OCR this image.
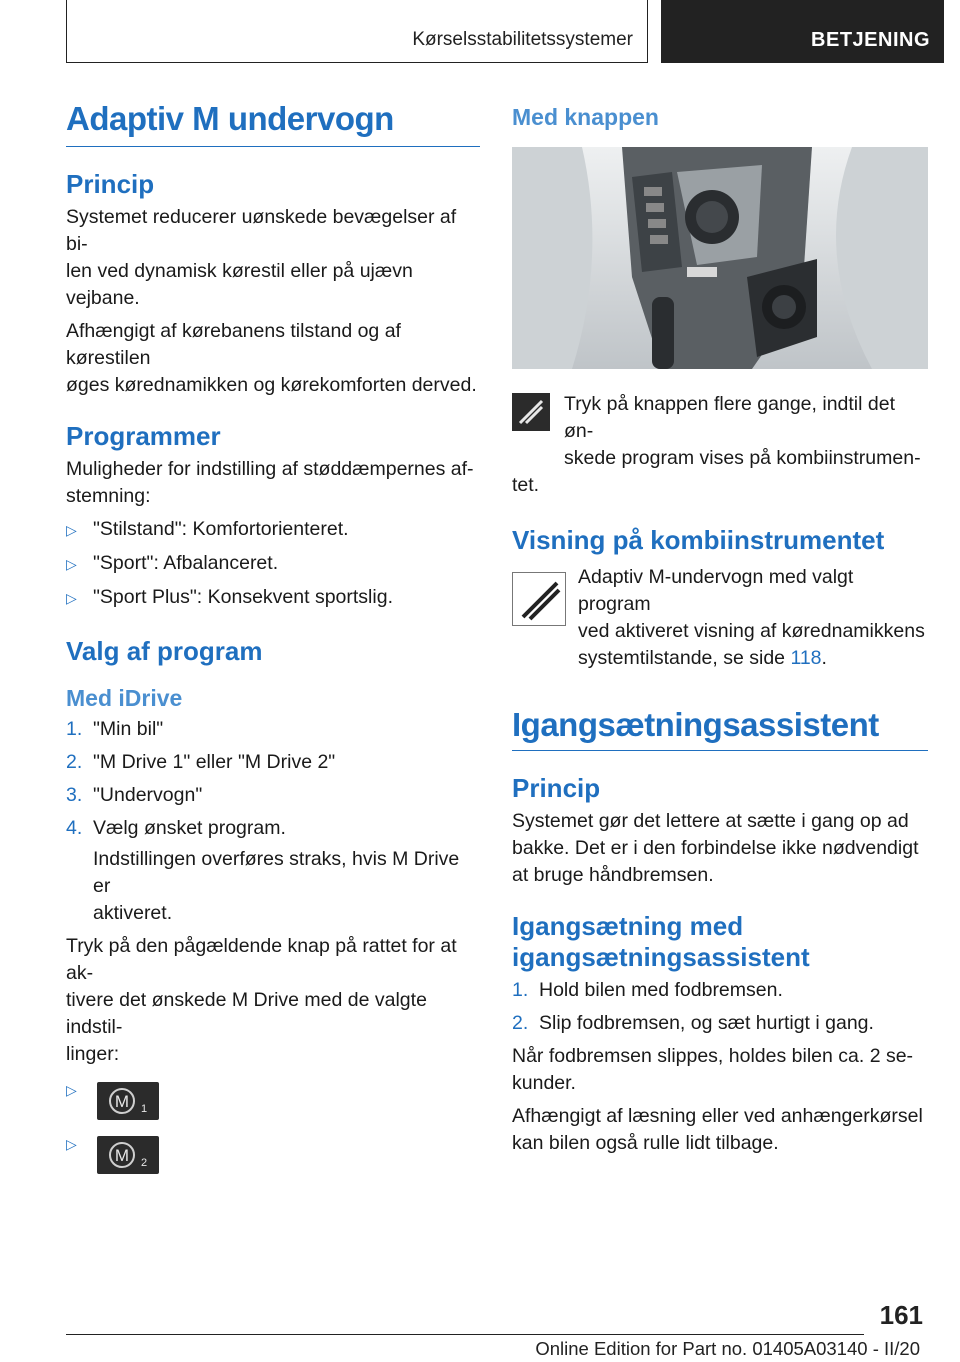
Kørselsstabilitetssystemer	BETJENING
Adaptiv M undervogn
Princip

Systemet reducerer uønskede bevægelser af bi-

len ved dynamisk kørestil eller på ujævn vejbane.

Afhængigt af kørebanens tilstand og af kørestilen

øges kørednamikken og kørekomforten derved.

Programmer

Muligheder for indstilling af støddæmpernes af-

stemning:

▷ "Stilstand": Komfortorienteret.
▷ "Sport": Afbalanceret.
▷ "Sport Plus": Konsekvent sportslig.
Valg af program
Med iDrive
1. "Min bil"
2. "M Drive 1" eller "M Drive 2"
3. "Undervogn"
4. Vælg ønsket program.
Indstillingen overføres straks, hvis M Drive er
aktiveret.

Tryk på den pågældende knap på rattet for at ak-

tivere det ønskede M Drive med de valgte indstil-

linger:

▷
M 1
▷
M 2
Med knappen
Tryk på knappen flere gange, indtil det øn-
skede program vises på kombiinstrumen-
tet.
Visning på kombiinstrumentet
Adaptiv M-undervogn med valgt program
ved aktiveret visning af kørednamikkens
systemtilstande, se side 118.
Igangsætningsassistent
Princip

Systemet gør det lettere at sætte i gang op ad

bakke. Det er i den forbindelse ikke nødvendigt

at bruge håndbremsen.

Igangsætning med
igangsætningsassistent
1. Hold bilen med fodbremsen.
2. Slip fodbremsen, og sæt hurtigt i gang.

Når fodbremsen slippes, holdes bilen ca. 2 se-

kunder.

Afhængigt af læsning eller ved anhængerkørsel

kan bilen også rulle lidt tilbage.

161
Online Edition for Part no. 01405A03140 - II/20
